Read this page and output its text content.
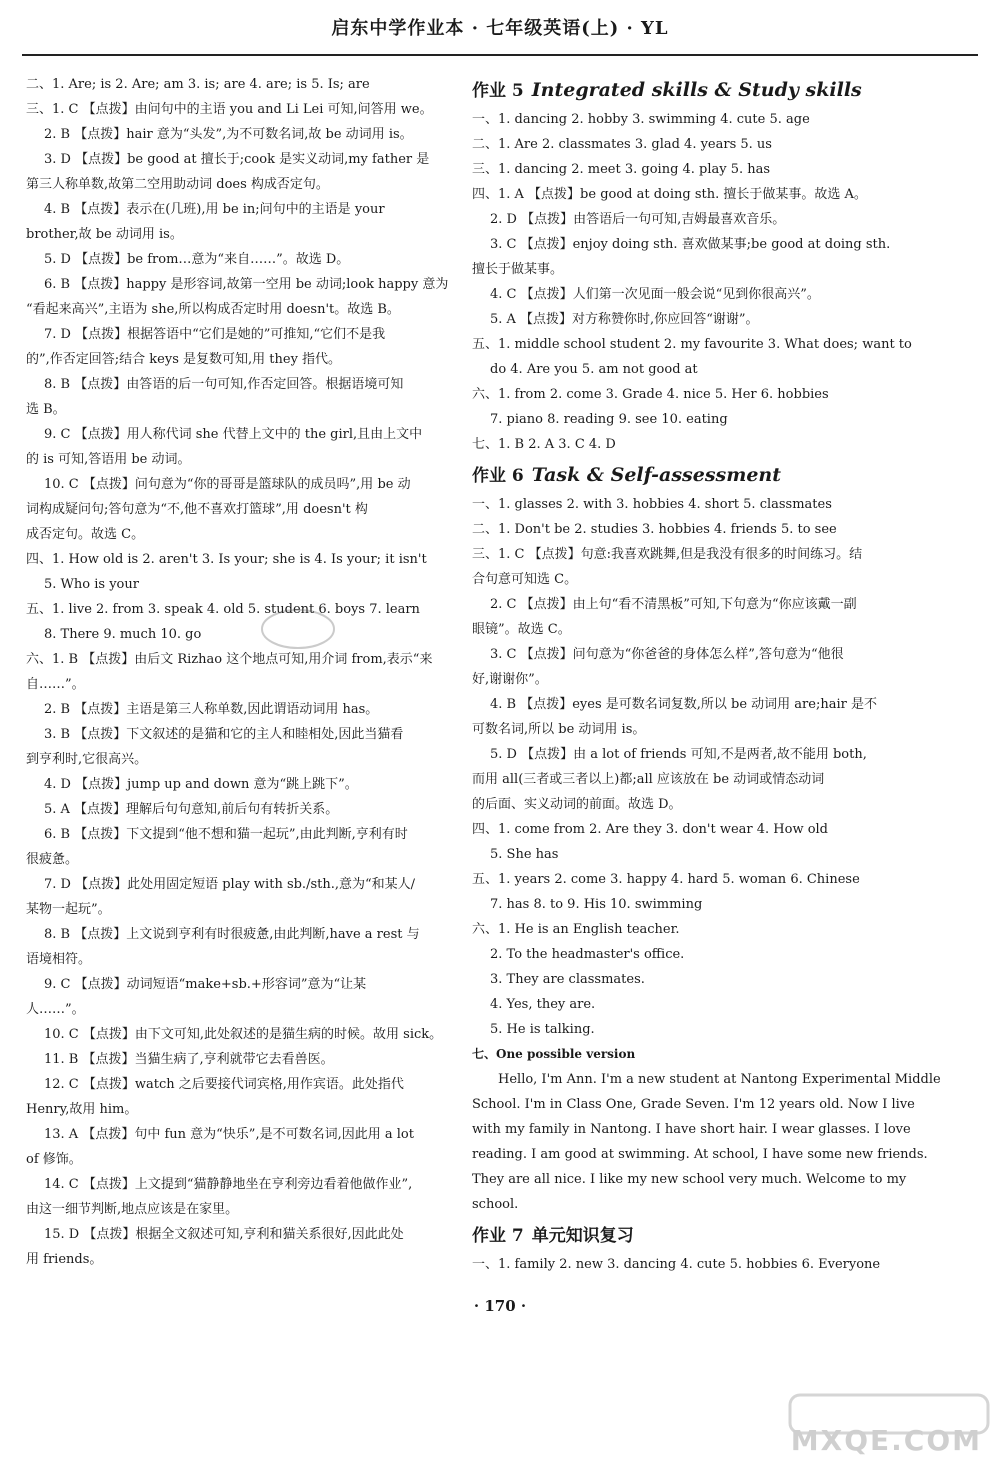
启东中学作业本 · 七年级英语(上) · YL
二、1. Are; is 2. Are; am 3. is; are 4. are; is 5. Is; are
三、1. C 【点拨】由问句中的主语 you and Li Lei 可知,问答用 we。
2. B 【点拨】hair 意为“头发”,为不可数名词,故 be 动词用 is。
3. D 【点拨】be good at 擅长于;cook 是实义动词,my father 是
第三人称单数,故第二空用助动词 does 构成否定句。
4. B 【点拨】表示在(几班),用 be in;问句中的主语是 your
brother,故 be 动词用 is。
5. D 【点拨】be from…意为“来自……”。故选 D。
6. B 【点拨】happy 是形容词,故第一空用 be 动词;look happy 意为
“看起来高兴”,主语为 she,所以构成否定时用 doesn't。故选 B。
7. D 【点拨】根据答语中“它们是她的”可推知,“它们不是我
的”,作否定回答;结合 keys 是复数可知,用 they 指代。
8. B 【点拨】由答语的后一句可知,作否定回答。根据语境可知
选 B。
9. C 【点拨】用人称代词 she 代替上文中的 the girl,且由上文中
的 is 可知,答语用 be 动词。
10. C 【点拨】问句意为“你的哥哥是篮球队的成员吗”,用 be 动
词构成疑问句;答句意为“不,他不喜欢打篮球”,用 doesn't 构
成否定句。故选 C。
四、1. How old is 2. aren't 3. Is your; she is 4. Is your; it isn't
5. Who is your
五、1. live 2. from 3. speak 4. old 5. student 6. boys 7. learn
8. There 9. much 10. go
六、1. B 【点拨】由后文 Rizhao 这个地点可知,用介词 from,表示“来
自……”。
2. B 【点拨】主语是第三人称单数,因此谓语动词用 has。
3. B 【点拨】下文叙述的是猫和它的主人和睦相处,因此当猫看
到亨利时,它很高兴。
4. D 【点拨】jump up and down 意为“跳上跳下”。
5. A 【点拨】理解后句句意知,前后句有转折关系。
6. B 【点拨】下文提到“他不想和猫一起玩”,由此判断,亨利有时
很疲惫。
7. D 【点拨】此处用固定短语 play with sb./sth.,意为“和某人/
某物一起玩”。
8. B 【点拨】上文说到亨利有时很疲惫,由此判断,have a rest 与
语境相符。
9. C 【点拨】动词短语“make+sb.+形容词”意为“让某
人……”。
10. C 【点拨】由下文可知,此处叙述的是猫生病的时候。故用 sick。
11. B 【点拨】当猫生病了,亨利就带它去看兽医。
12. C 【点拨】watch 之后要接代词宾格,用作宾语。此处指代
Henry,故用 him。
13. A 【点拨】句中 fun 意为“快乐”,是不可数名词,因此用 a lot
of 修饰。
14. C 【点拨】上文提到“猫静静地坐在亨利旁边看着他做作业”,
由这一细节判断,地点应该是在家里。
15. D 【点拨】根据全文叙述可知,亨利和猫关系很好,因此此处
用 friends。
作业 5 Integrated skills & Study skills
一、1. dancing 2. hobby 3. swimming 4. cute 5. age
二、1. Are 2. classmates 3. glad 4. years 5. us
三、1. dancing 2. meet 3. going 4. play 5. has
四、1. A 【点拨】be good at doing sth. 擅长于做某事。故选 A。
2. D 【点拨】由答语后一句可知,吉姆最喜欢音乐。
3. C 【点拨】enjoy doing sth. 喜欢做某事;be good at doing sth.
擅长于做某事。
4. C 【点拨】人们第一次见面一般会说“见到你很高兴”。
5. A 【点拨】对方称赞你时,你应回答“谢谢”。
五、1. middle school student 2. my favourite 3. What does; want to
do 4. Are you 5. am not good at
六、1. from 2. come 3. Grade 4. nice 5. Her 6. hobbies
7. piano 8. reading 9. see 10. eating
七、1. B 2. A 3. C 4. D
作业 6 Task & Self-assessment
一、1. glasses 2. with 3. hobbies 4. short 5. classmates
二、1. Don't be 2. studies 3. hobbies 4. friends 5. to see
三、1. C 【点拨】句意:我喜欢跳舞,但是我没有很多的时间练习。结
合句意可知选 C。
2. C 【点拨】由上句“看不清黑板”可知,下句意为“你应该戴一副
眼镜”。故选 C。
3. C 【点拨】问句意为“你爸爸的身体怎么样”,答句意为“他很
好,谢谢你”。
4. B 【点拨】eyes 是可数名词复数,所以 be 动词用 are;hair 是不
可数名词,所以 be 动词用 is。
5. D 【点拨】由 a lot of friends 可知,不是两者,故不能用 both,
而用 all(三者或三者以上)都;all 应该放在 be 动词或情态动词
的后面、实义动词的前面。故选 D。
四、1. come from 2. Are they 3. don't wear 4. How old
5. She has
五、1. years 2. come 3. happy 4. hard 5. woman 6. Chinese
7. has 8. to 9. His 10. swimming
六、1. He is an English teacher.
2. To the headmaster's office.
3. They are classmates.
4. Yes, they are.
5. He is talking.
七、One possible version
Hello, I'm Ann. I'm a new student at Nantong Experimental Middle School. I'm in Class One, Grade Seven. I'm 12 years old. Now I live with my family in Nantong. I have short hair. I wear glasses. I love reading. I am good at swimming. At school, I have some new friends. They are all nice. I like my new school very much. Welcome to my school.
作业 7 单元知识复习
一、1. family 2. new 3. dancing 4. cute 5. hobbies 6. Everyone
· 170 ·
MXQE.COM
